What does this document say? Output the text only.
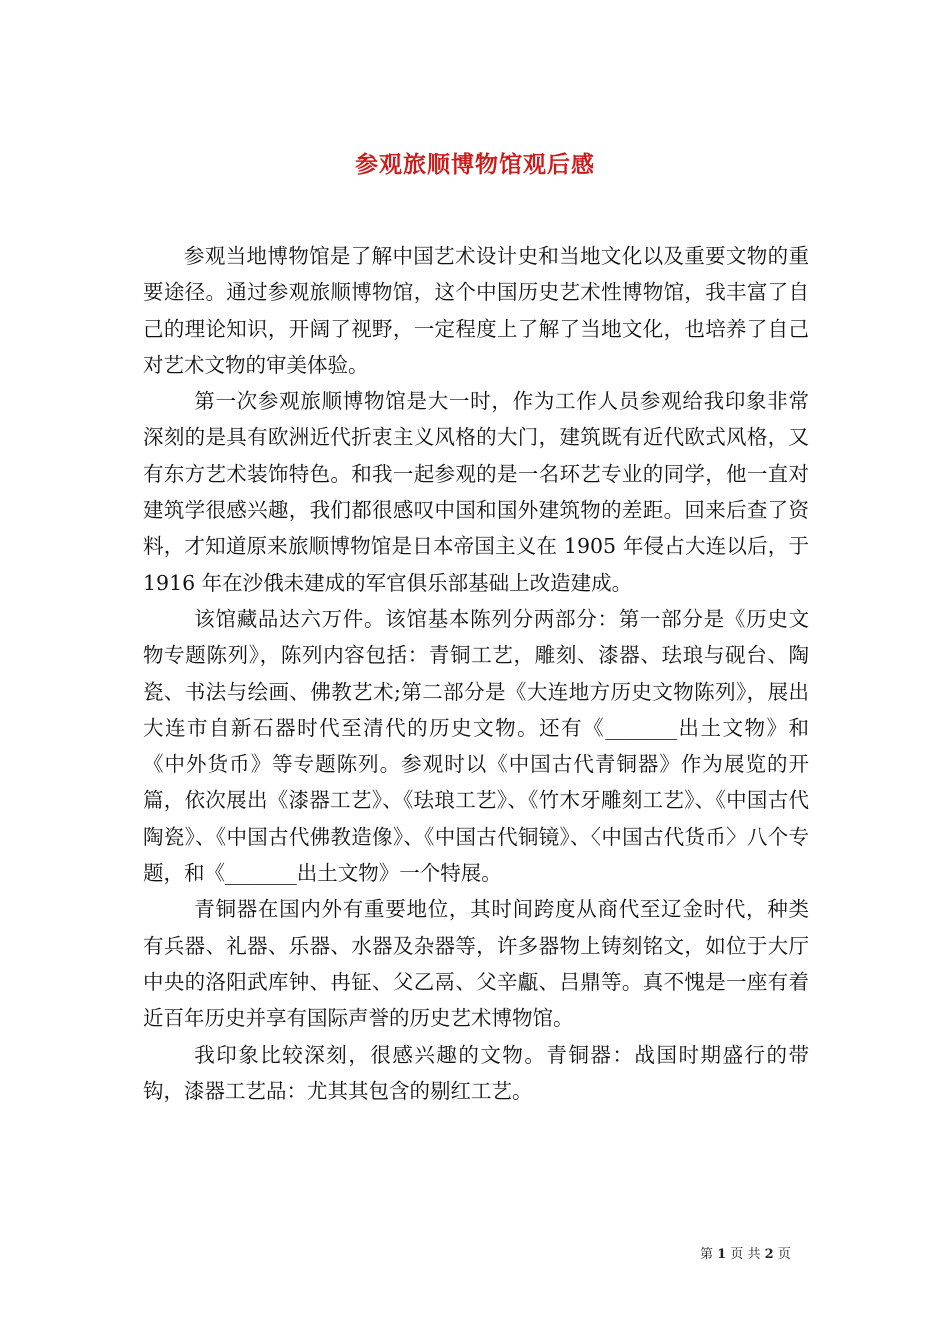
参观旅顺博物馆观后感

参观当地博物馆是了解中国艺术设计史和当地文化以及重要文物的重要途径。通过参观旅顺博物馆，这个中国历史艺术性博物馆，我丰富了自己的理论知识，开阔了视野，一定程度上了解了当地文化，也培养了自己对艺术文物的审美体验。

第一次参观旅顺博物馆是大一时，作为工作人员参观给我印象非常深刻的是具有欧洲近代折衷主义风格的大门，建筑既有近代欧式风格，又有东方艺术装饰特色。和我一起参观的是一名环艺专业的同学，他一直对建筑学很感兴趣，我们都很感叹中国和国外建筑物的差距。回来后查了资料，才知道原来旅顺博物馆是日本帝国主义在 1905 年侵占大连以后，于 1916 年在沙俄未建成的军官俱乐部基础上改造建成。

该馆藏品达六万件。该馆基本陈列分两部分：第一部分是《历史文物专题陈列》，陈列内容包括：青铜工艺，雕刻、漆器、珐琅与砚台、陶瓷、书法与绘画、佛教艺术;第二部分是《大连地方历史文物陈列》，展出大连市自新石器时代至清代的历史文物。还有《_______出土文物》和《中外货币》等专题陈列。参观时以《中国古代青铜器》作为展览的开篇，依次展出《漆器工艺》、《珐琅工艺》、《竹木牙雕刻工艺》、《中国古代陶瓷》、《中国古代佛教造像》、《中国古代铜镜》、〈中国古代货币〉八个专题，和《_______出土文物》一个特展。

青铜器在国内外有重要地位，其时间跨度从商代至辽金时代，种类有兵器、礼器、乐器、水器及杂器等，许多器物上铸刻铭文，如位于大厅中央的洛阳武库钟、冉钲、父乙鬲、父辛甗、吕鼎等。真不愧是一座有着近百年历史并享有国际声誉的历史艺术博物馆。

我印象比较深刻，很感兴趣的文物。青铜器：战国时期盛行的带钩，漆器工艺品：尤其其包含的剔红工艺。

第 1 页 共 2 页
